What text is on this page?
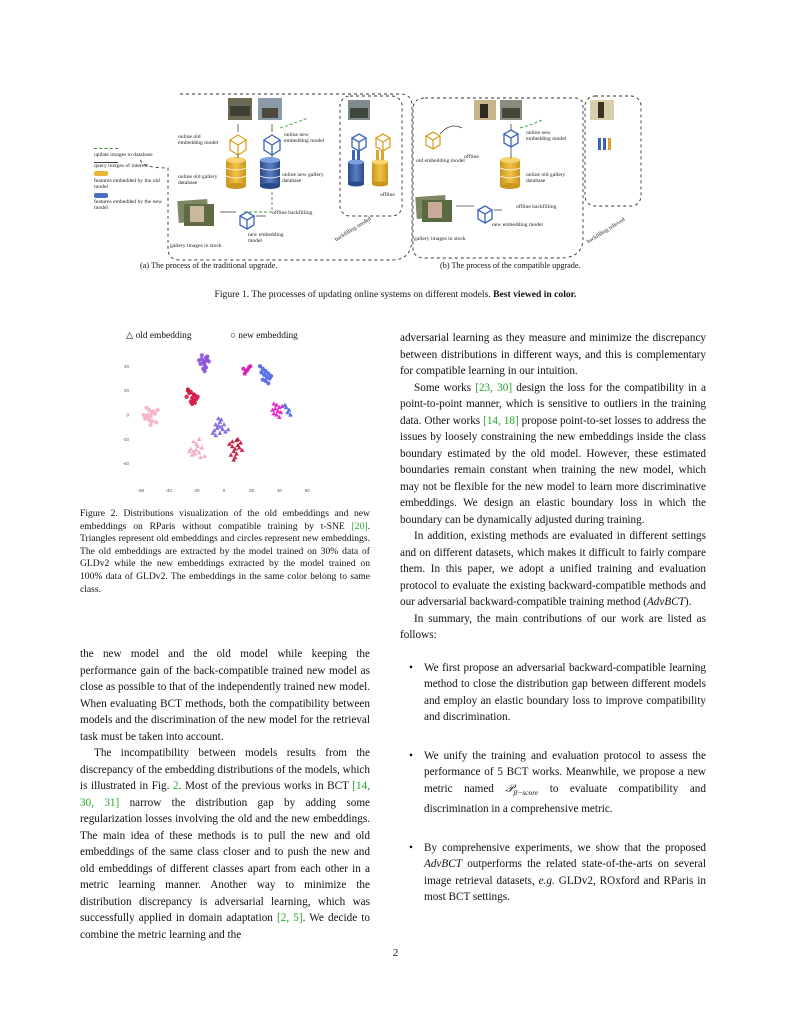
update images to database
query images of interest
features embedded by the old model
features embedded by the new model
online old embedding model
online new embedding model
online old gallery database
online new gallery database
offline backfilling
new embedding model
gallery images in stock
offline
backfilling needed
old embedding model
offline
online new embedding model
online old gallery database
offline backfilling
new embedding model
gallery images in stock	backfilling relieved
(a) The process of the traditional upgrade.	(b) The process of the compatible upgrade.
Figure 1. The processes of updating online systems on different models. Best viewed in color.
△ old embedding	○ new embedding
-60	-40	-20	0	20	40	60
40
20
0
-20
-40
Figure 2. Distributions visualization of the old embeddings and new embeddings on RParis without compatible training by t-SNE [20]. Triangles represent old embeddings and circles represent new embeddings. The old embeddings are extracted by the model trained on 30% data of GLDv2 while the new embeddings extracted by the model trained on 100% data of GLDv2. The embeddings in the same color belong to same class.

the new model and the old model while keeping the performance gain of the back-compatible trained new model as close as possible to that of the independently trained new model. When evaluating BCT methods, both the compatibility between models and the discrimination of the new model for the retrieval task must be taken into account.

The incompatibility between models results from the discrepancy of the embedding distributions of the models, which is illustrated in Fig. 2. Most of the previous works in BCT [14, 30, 31] narrow the distribution gap by adding some regularization losses involving the old and the new embeddings. The main idea of these methods is to pull the new and old embeddings of the same class closer and to push the new and old embeddings of different classes apart from each other in a metric learning manner. Another way to minimize the distribution discrepancy is adversarial learning, which was successfully applied in domain adaptation [2, 5]. We decide to combine the metric learning and the

adversarial learning as they measure and minimize the discrepancy between distributions in different ways, and this is complementary for compatible learning in our intuition.

Some works [23, 30] design the loss for the compatibility in a point-to-point manner, which is sensitive to outliers in the training data. Other works [14, 18] propose point-to-set losses to address the issues by loosely constraining the new embeddings inside the class boundary estimated by the old model. However, these estimated boundaries remain constant when training the new model, which may not be flexible for the new model to learn more discriminative embeddings. We design an elastic boundary loss in which the boundary can be dynamically adjusted during training.

In addition, existing methods are evaluated in different settings and on different datasets, which makes it difficult to fairly compare them. In this paper, we adopt a unified training and evaluation protocol to evaluate the existing backward-compatible methods and our adversarial backward-compatible training method (AdvBCT).

In summary, the main contributions of our work are listed as follows:

• We first propose an adversarial backward-compatible learning method to close the distribution gap between different models and employ an elastic boundary loss to improve compatibility and discrimination.
• We unify the training and evaluation protocol to assess the performance of 5 BCT works. Meanwhile, we propose a new metric named 𝒫$_{\beta-score}$ to evaluate compatibility and discrimination in a comprehensive metric.
• By comprehensive experiments, we show that the proposed AdvBCT outperforms the related state-of-the-arts on several image retrieval datasets, e.g. GLDv2, ROxford and RParis in most BCT settings.
2
